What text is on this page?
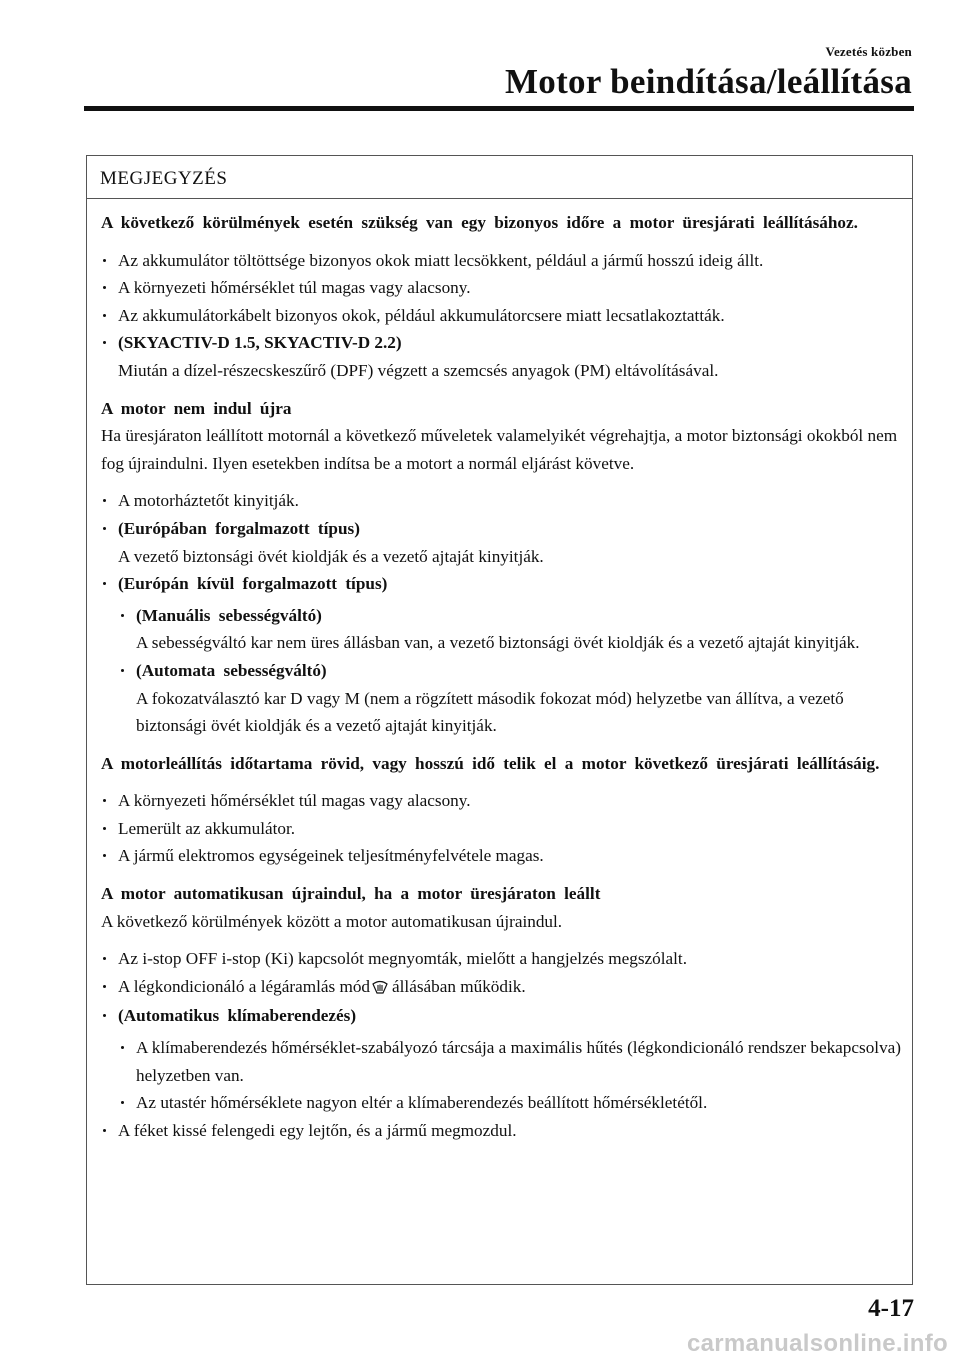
Vezetés közben
Motor beindítása/leállítása
MEGJEGYZÉS

A következő körülmények esetén szükség van egy bizonyos időre a motor üresjárati leállításához.

Az akkumulátor töltöttsége bizonyos okok miatt lecsökkent, például a jármű hosszú ideig állt.
A környezeti hőmérséklet túl magas vagy alacsony.
Az akkumulátorkábelt bizonyos okok, például akkumulátorcsere miatt lecsatlakoztatták.
(SKYACTIV-D 1.5, SKYACTIV-D 2.2)
Miután a dízel-részecskeszűrő (DPF) végzett a szemcsés anyagok (PM) eltávolításával.

A motor nem indul újra

Ha üresjáraton leállított motornál a következő műveletek valamelyikét végrehajtja, a motor biztonsági okokból nem fog újraindulni. Ilyen esetekben indítsa be a motort a normál eljárást követve.

A motorháztetőt kinyitják.
(Európában forgalmazott típus)
A vezető biztonsági övét kioldják és a vezető ajtaját kinyitják.
(Európán kívül forgalmazott típus)
(Manuális sebességváltó)
A sebességváltó kar nem üres állásban van, a vezető biztonsági övét kioldják és a vezető ajtaját kinyitják.
(Automata sebességváltó)
A fokozatválasztó kar D vagy M (nem a rögzített második fokozat mód) helyzetbe van állítva, a vezető biztonsági övét kioldják és a vezető ajtaját kinyitják.

A motorleállítás időtartama rövid, vagy hosszú idő telik el a motor következő üresjárati leállításáig.

A környezeti hőmérséklet túl magas vagy alacsony.
Lemerült az akkumulátor.
A jármű elektromos egységeinek teljesítményfelvétele magas.

A motor automatikusan újraindul, ha a motor üresjáraton leállt

A következő körülmények között a motor automatikusan újraindul.

Az i-stop OFF i-stop (Ki) kapcsolót megnyomták, mielőtt a hangjelzés megszólalt.
A légkondicionáló a légáramlás mód állásában működik.
(Automatikus klímaberendezés)
A klímaberendezés hőmérséklet-szabályozó tárcsája a maximális hűtés (légkondicionáló rendszer bekapcsolva) helyzetben van.
Az utastér hőmérséklete nagyon eltér a klímaberendezés beállított hőmérsékletétől.
A féket kissé felengedi egy lejtőn, és a jármű megmozdul.
4-17
carmanualsonline.info
